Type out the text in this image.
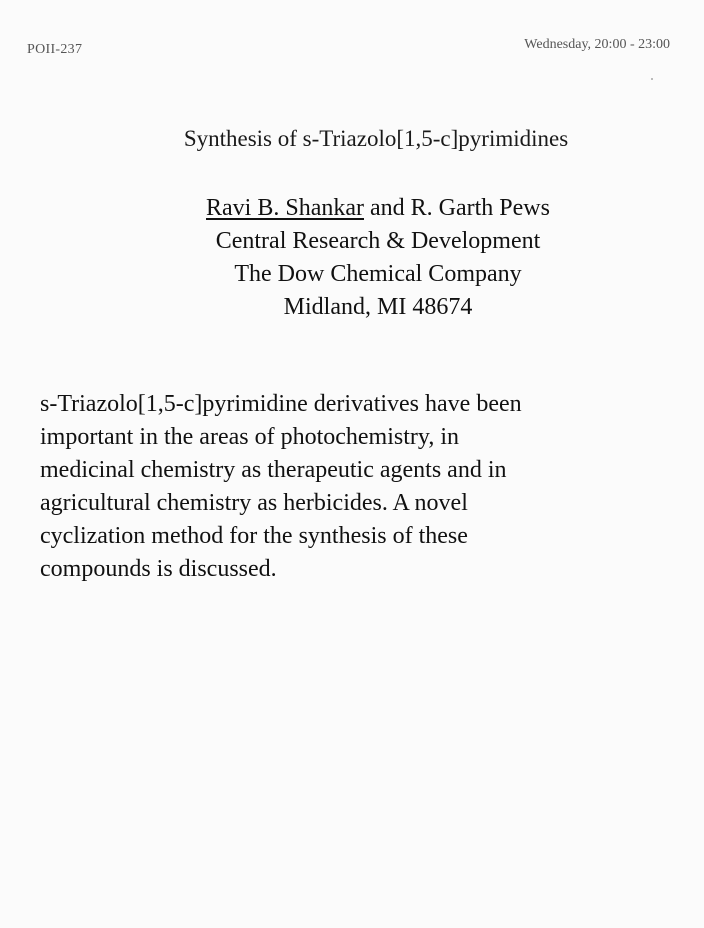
POII-237	Wednesday, 20:00 - 23:00
Synthesis of s-Triazolo[1,5-c]pyrimidines
Ravi B. Shankar and R. Garth Pews
Central Research & Development
The Dow Chemical Company
Midland, MI 48674
s-Triazolo[1,5-c]pyrimidine derivatives have been
important in the areas of photochemistry, in
medicinal chemistry as therapeutic agents and in
agricultural chemistry as herbicides. A novel
cyclization method for the synthesis of these
compounds is discussed.
